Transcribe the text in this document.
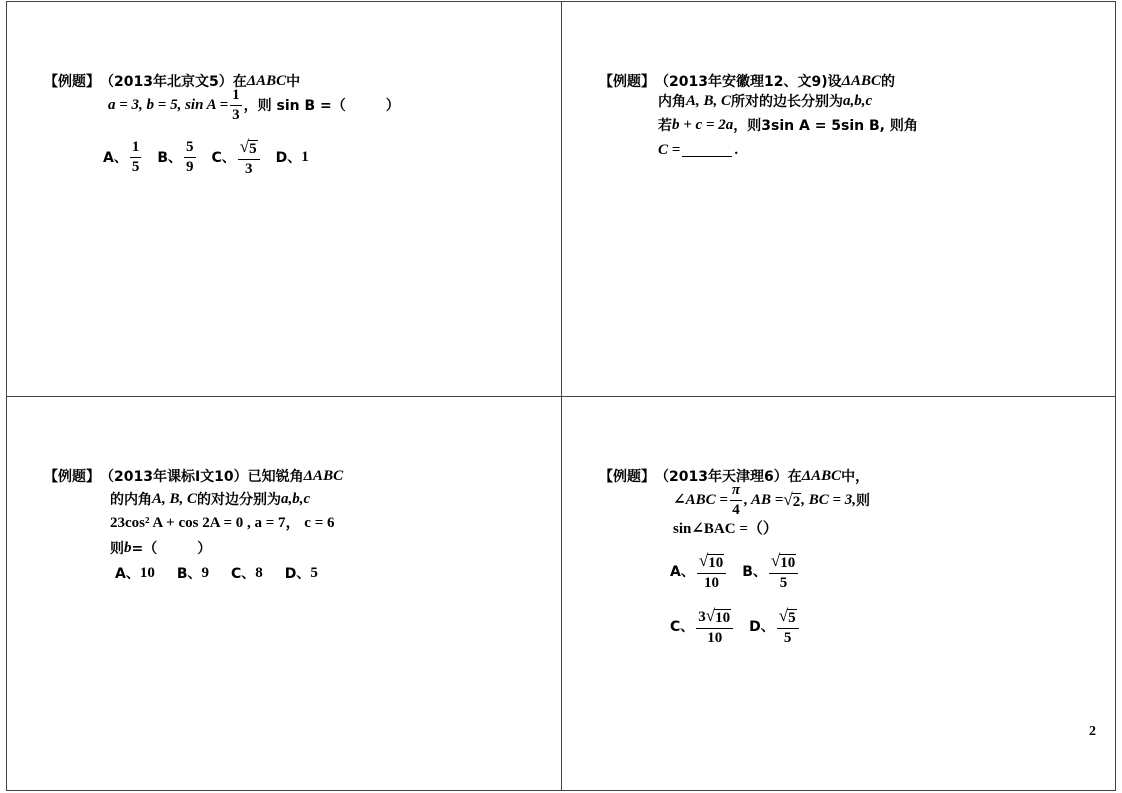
【例题】 （2013年北京文5） 在 ΔABC 中
a = 3, b = 5, $\sin A = \frac{1}{3}$ ，则 sin B =（	）
A、 $\frac{1}{5}$ B、 $\frac{5}{9}$ C、 $\frac{√ 5}{3}$ D、 1
【例题】 （2013年安徽理12、文9) 设 ΔABC 的
内角 A, B, C 所对的边长分别为 a,b,c
若 b + c = 2a ，则3sin A = 5sin B, 则角
C =	.
【例题】 （2013年课标Ⅰ文10） 已知锐角 ΔABC
的内角 A, B, C 的对边分别为 a,b,c
23cos² A + cos 2A = 0 , a = 7， c = 6
则 b =（	）
A、 10 B、 9 C、 8 D、 5
【例题】 （2013年天津理6） 在 ΔABC 中，
∠ABC = $\frac{\pi}{4}$ , AB = √ 2 , BC = 3, 则
sin∠BAC =（ ）
A、 $\frac{√ 10}{10}$ B、 $\frac{√ 10}{5}$
C、 $\frac{3 √ 10}{10}$ D、 $\frac{√ 5}{5}$
2
